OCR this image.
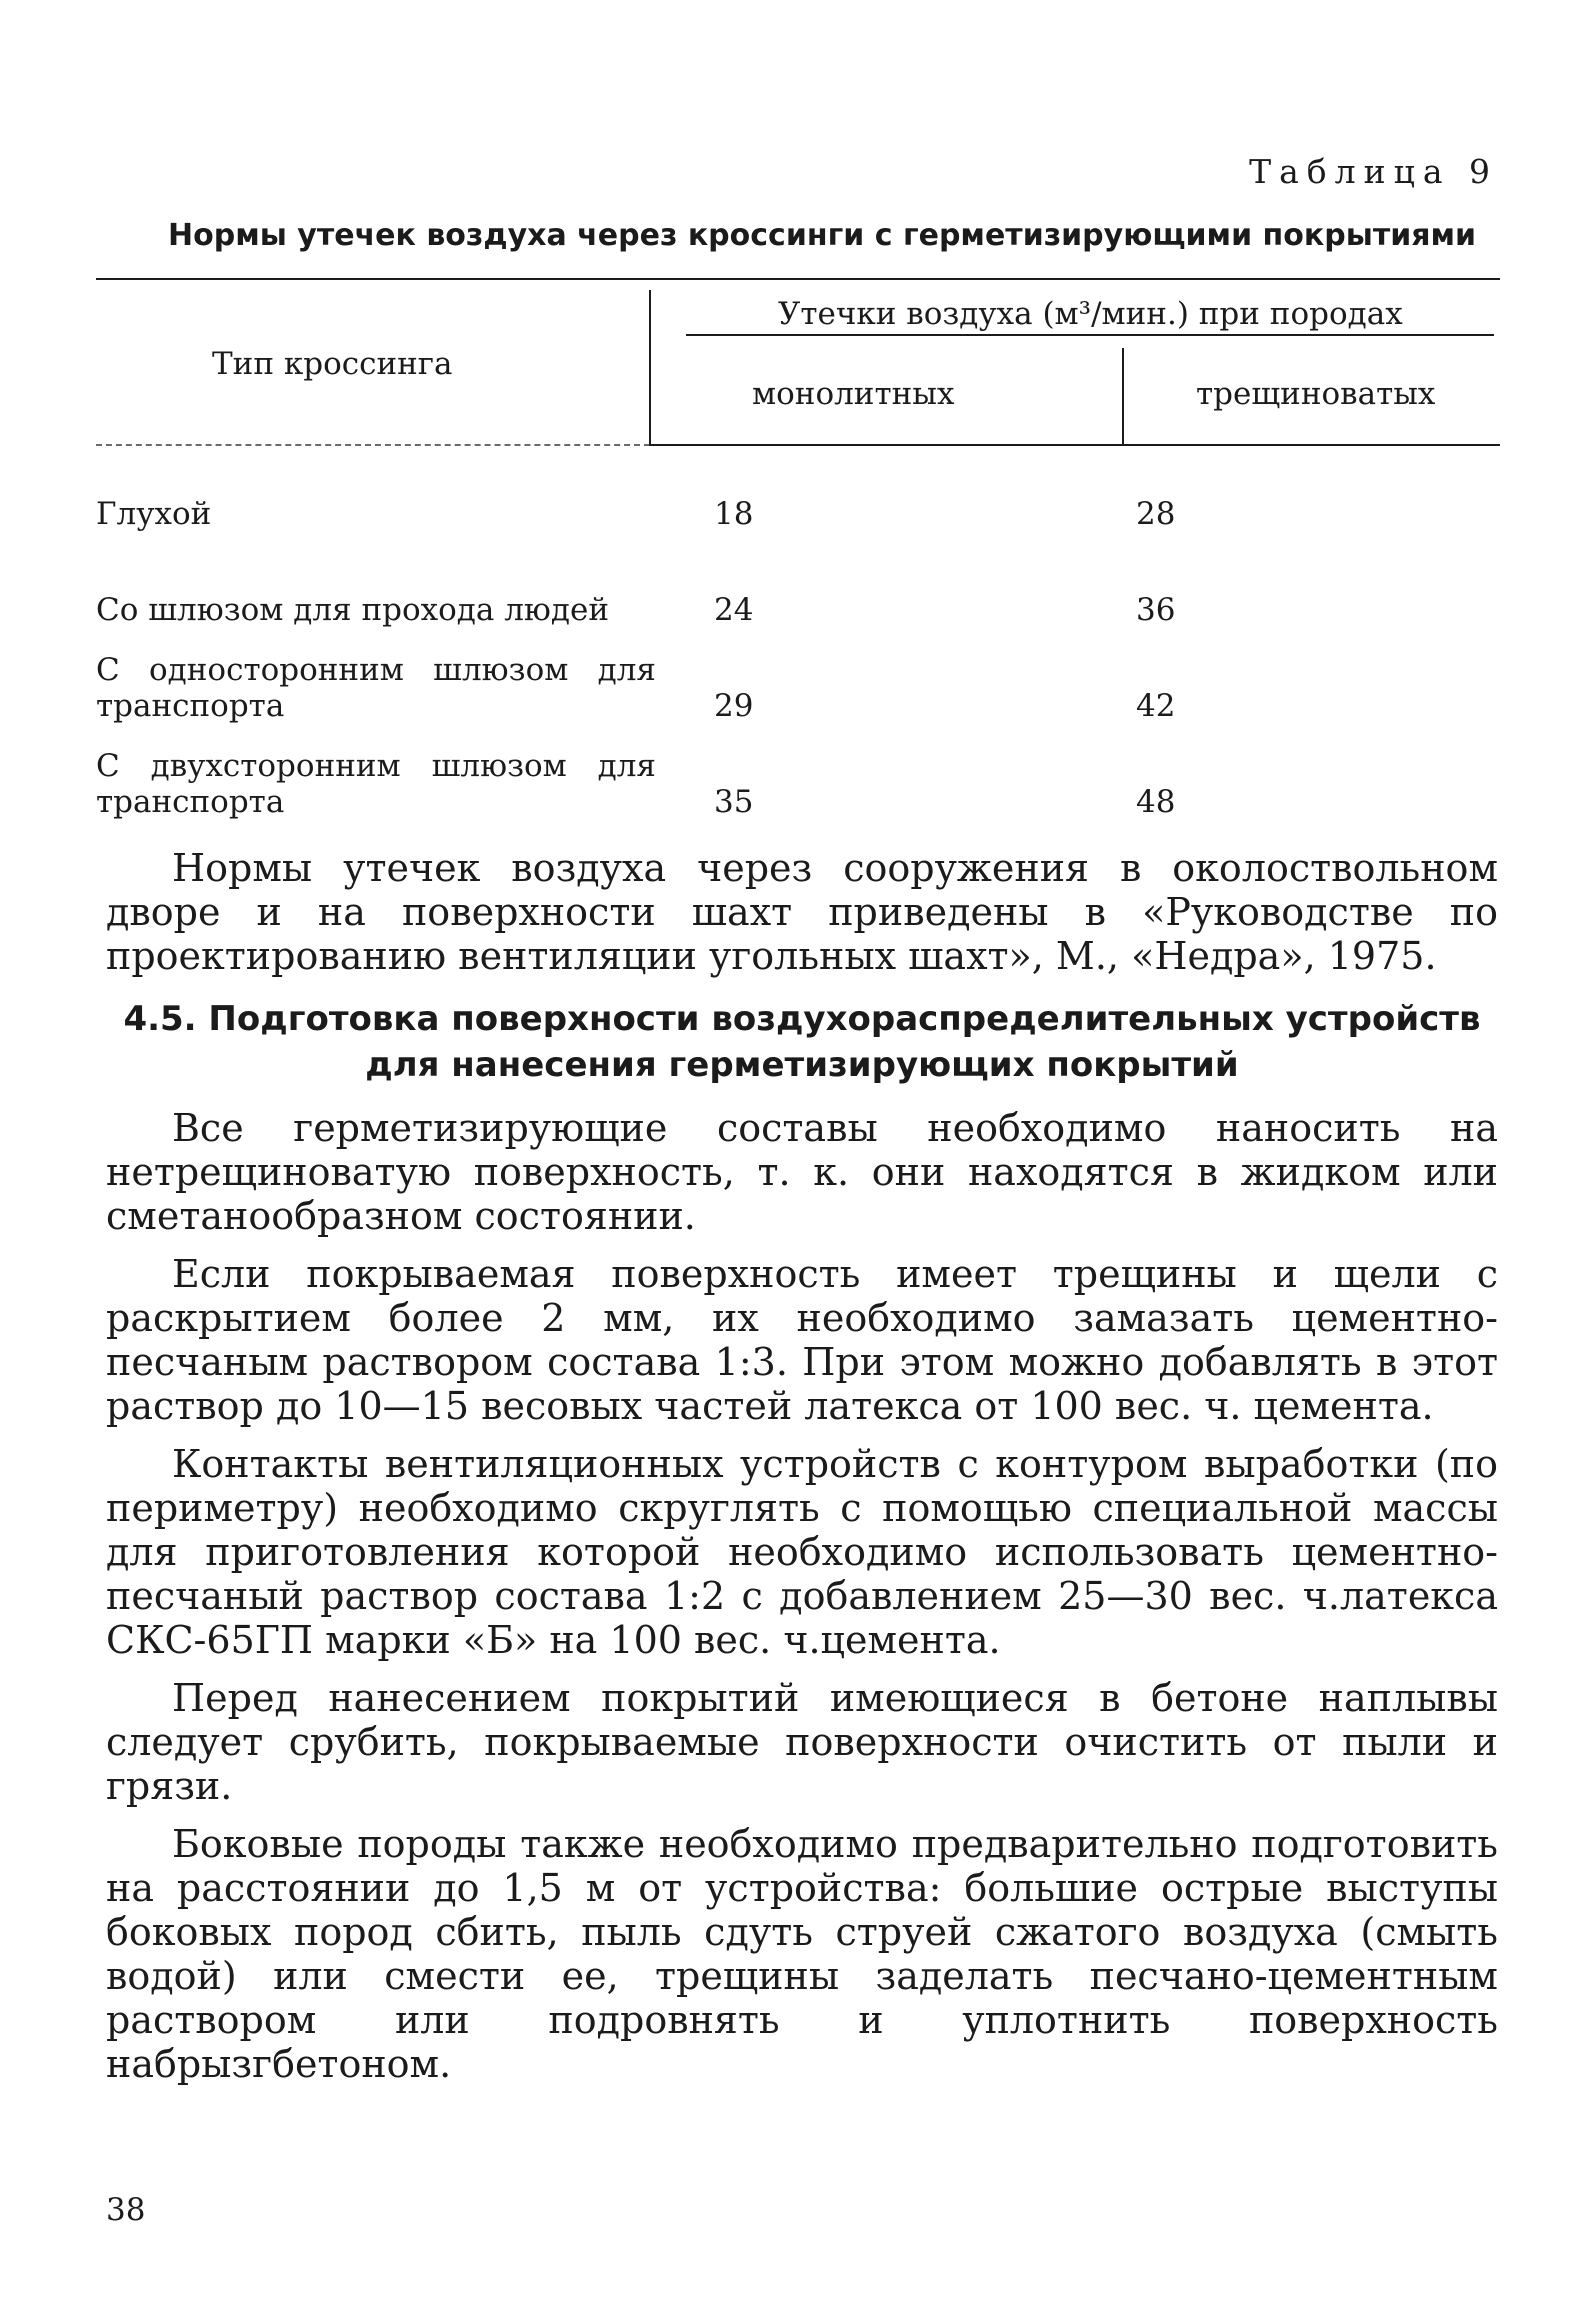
Таблица 9
Нормы утечек воздуха через кроссинги с герметизирующими покрытиями
Тип кроссинга
Утечки воздуха (м³/мин.) при породах
монолитных	трещиноватых
Глухой	18	28
Со шлюзом для прохода людей	24	36
С односторонним шлюзом для транспорта	29	42
С двухсторонним шлюзом для транспорта	35	48

Нормы утечек воздуха через сооружения в околоствольном дворе и на поверхности шахт приведены в «Руководстве по проектированию вентиляции угольных шахт», М., «Недра», 1975.

4.5. Подготовка поверхности воздухораспределительных устройств для нанесения герметизирующих покрытий

Все герметизирующие составы необходимо наносить на нетрещиноватую поверхность, т. к. они находятся в жидком или сметанообразном состоянии.

Если покрываемая поверхность имеет трещины и щели с раскрытием более 2 мм, их необходимо замазать цементно-песчаным раствором состава 1:3. При этом можно добавлять в этот раствор до 10—15 весовых частей латекса от 100 вес. ч. цемента.

Контакты вентиляционных устройств с контуром выработки (по периметру) необходимо скруглять с помощью специальной массы для приготовления которой необходимо использовать цементно-песчаный раствор состава 1:2 с добавлением 25—30 вес. ч.латекса СКС-65ГП марки «Б» на 100 вес. ч.цемента.

Перед нанесением покрытий имеющиеся в бетоне наплывы следует срубить, покрываемые поверхности очистить от пыли и грязи.

Боковые породы также необходимо предварительно подготовить на расстоянии до 1,5 м от устройства: большие острые выступы боковых пород сбить, пыль сдуть струей сжатого воздуха (смыть водой) или смести ее, трещины заделать песчано-цементным раствором или подровнять и уплотнить поверхность набрызгбетоном.

38
